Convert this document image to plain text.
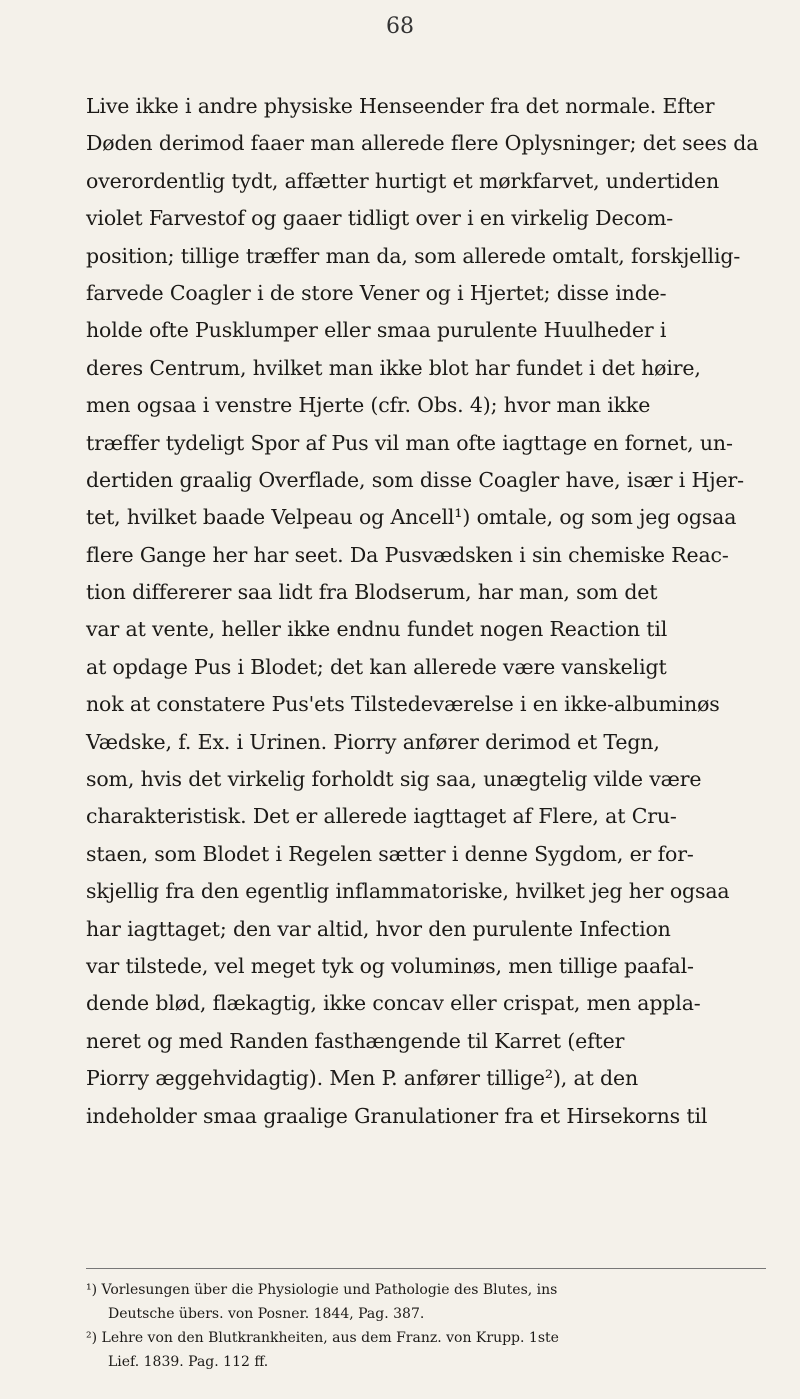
68
Live ikke i andre physiske Henseender fra det normale. Efter
Døden derimod faaer man allerede flere Oplysninger; det sees da
overordentlig tydt, affætter hurtigt et mørkfarvet, undertiden
violet Farvestof og gaaer tidligt over i en virkelig Decom-
position; tillige træffer man da, som allerede omtalt, forskjellig-
farvede Coagler i de store Vener og i Hjertet; disse inde-
holde ofte Pusklumper eller smaa purulente Huulheder i
deres Centrum, hvilket man ikke blot har fundet i det høire,
men ogsaa i venstre Hjerte (cfr. Obs. 4); hvor man ikke
træffer tydeligt Spor af Pus vil man ofte iagttage en fornet, un-
dertiden graalig Overflade, som disse Coagler have, især i Hjer-
tet, hvilket baade Velpeau og Ancell¹) omtale, og som jeg ogsaa
flere Gange her har seet. Da Pusvædsken i sin chemiske Reac-
tion differerer saa lidt fra Blodserum, har man, som det
var at vente, heller ikke endnu fundet nogen Reaction til
at opdage Pus i Blodet; det kan allerede være vanskeligt
nok at constatere Pus'ets Tilstedeværelse i en ikke-albuminøs
Vædske, f. Ex. i Urinen. Piorry anfører derimod et Tegn,
som, hvis det virkelig forholdt sig saa, unægtelig vilde være
charakteristisk. Det er allerede iagttaget af Flere, at Cru-
staen, som Blodet i Regelen sætter i denne Sygdom, er for-
skjellig fra den egentlig inflammatoriske, hvilket jeg her ogsaa
har iagttaget; den var altid, hvor den purulente Infection
var tilstede, vel meget tyk og voluminøs, men tillige paafal-
dende blød, flækagtig, ikke concav eller crispat, men appla-
neret og med Randen fasthængende til Karret (efter
Piorry æggehvidagtig). Men P. anfører tillige²), at den
indeholder smaa graalige Granulationer fra et Hirsekorns til
¹) Vorlesungen über die Physiologie und Pathologie des Blutes, ins
Deutsche übers. von Posner. 1844, Pag. 387.
²) Lehre von den Blutkrankheiten, aus dem Franz. von Krupp. 1ste
Lief. 1839. Pag. 112 ff.
